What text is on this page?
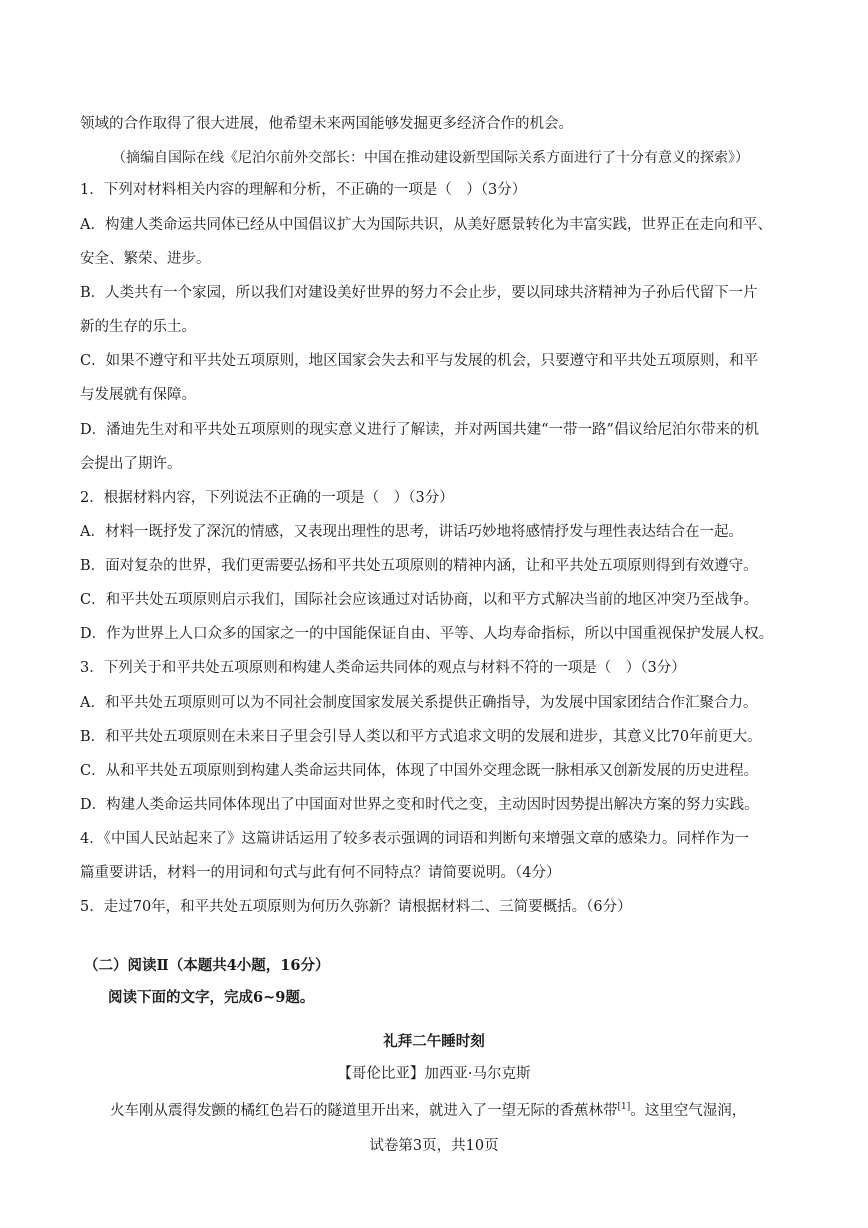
领域的合作取得了很大进展，他希望未来两国能够发掘更多经济合作的机会。
（摘编自国际在线《尼泊尔前外交部长：中国在推动建设新型国际关系方面进行了十分有意义的探索》）
1．下列对材料相关内容的理解和分析，不正确的一项是（　）（3分）
A．构建人类命运共同体已经从中国倡议扩大为国际共识，从美好愿景转化为丰富实践，世界正在走向和平、
安全、繁荣、进步。
B．人类共有一个家园，所以我们对建设美好世界的努力不会止步，要以同球共济精神为子孙后代留下一片
新的生存的乐土。
C．如果不遵守和平共处五项原则，地区国家会失去和平与发展的机会，只要遵守和平共处五项原则，和平
与发展就有保障。
D．潘迪先生对和平共处五项原则的现实意义进行了解读，并对两国共建“一带一路”倡议给尼泊尔带来的机
会提出了期许。
2．根据材料内容，下列说法不正确的一项是（　）（3分）
A．材料一既抒发了深沉的情感，又表现出理性的思考，讲话巧妙地将感情抒发与理性表达结合在一起。
B．面对复杂的世界，我们更需要弘扬和平共处五项原则的精神内涵，让和平共处五项原则得到有效遵守。
C．和平共处五项原则启示我们，国际社会应该通过对话协商，以和平方式解决当前的地区冲突乃至战争。
D．作为世界上人口众多的国家之一的中国能保证自由、平等、人均寿命指标，所以中国重视保护发展人权。
3．下列关于和平共处五项原则和构建人类命运共同体的观点与材料不符的一项是（　）（3分）
A．和平共处五项原则可以为不同社会制度国家发展关系提供正确指导，为发展中国家团结合作汇聚合力。
B．和平共处五项原则在未来日子里会引导人类以和平方式追求文明的发展和进步，其意义比70年前更大。
C．从和平共处五项原则到构建人类命运共同体，体现了中国外交理念既一脉相承又创新发展的历史进程。
D．构建人类命运共同体体现出了中国面对世界之变和时代之变，主动因时因势提出解决方案的努力实践。
4．《中国人民站起来了》这篇讲话运用了较多表示强调的词语和判断句来增强文章的感染力。同样作为一
篇重要讲话，材料一的用词和句式与此有何不同特点？请简要说明。（4分）
5．走过70年，和平共处五项原则为何历久弥新？请根据材料二、三简要概括。（6分）
（二）阅读Ⅱ（本题共4小题，16分）
阅读下面的文字，完成6~9题。
礼拜二午睡时刻
【哥伦比亚】加西亚·马尔克斯
火车刚从震得发颤的橘红色岩石的隧道里开出来，就进入了一望无际的香蕉林带[1]。这里空气湿润，
试卷第3页，共10页
